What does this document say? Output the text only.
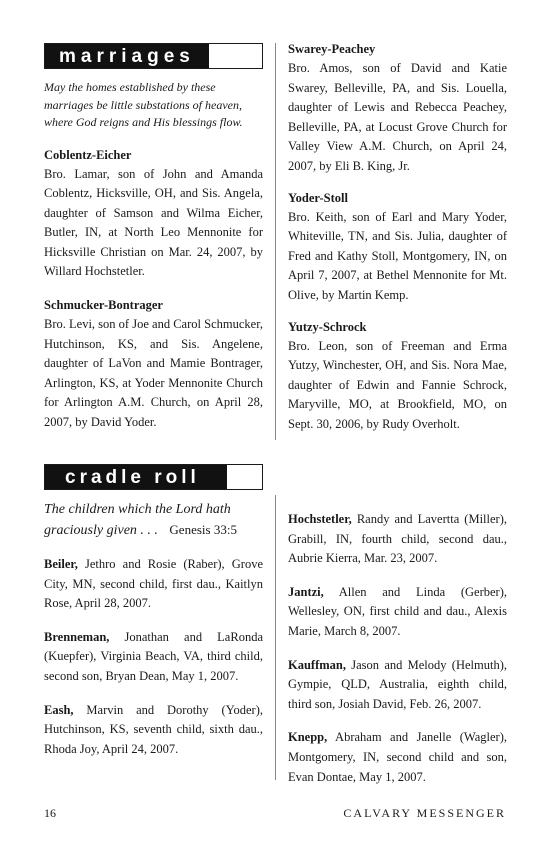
marriages
May the homes established by these marriages be little substations of heaven, where God reigns and His blessings flow.

Coblentz-Eicher

Bro. Lamar, son of John and Amanda Coblentz, Hicksville, OH, and Sis. Angela, daughter of Samson and Wilma Eicher, Butler, IN, at North Leo Mennonite for Hicksville Christian on Mar. 24, 2007, by Willard Hochstetler.

Schmucker-Bontrager

Bro. Levi, son of Joe and Carol Schmucker, Hutchinson, KS, and Sis. Angelene, daughter of LaVon and Mamie Bontrager, Arlington, KS, at Yoder Mennonite Church for Arlington A.M. Church, on April 28, 2007, by David Yoder.

Swarey-Peachey

Bro. Amos, son of David and Katie Swarey, Belleville, PA, and Sis. Louella, daughter of Lewis and Rebecca Peachey, Belleville, PA, at Locust Grove Church for Valley View A.M. Church, on April 24, 2007, by Eli B. King, Jr.

Yoder-Stoll

Bro. Keith, son of Earl and Mary Yoder, Whiteville, TN, and Sis. Julia, daughter of Fred and Kathy Stoll, Montgomery, IN, on April 7, 2007, at Bethel Mennonite for Mt. Olive, by Martin Kemp.

Yutzy-Schrock

Bro. Leon, son of Freeman and Erma Yutzy, Winchester, OH, and Sis. Nora Mae, daughter of Edwin and Fannie Schrock, Maryville, MO, at Brookfield, MO, on Sept. 30, 2006, by Rudy Overholt.

cradle roll
The children which the Lord hath graciously given . . . Genesis 33:5

Beiler, Jethro and Rosie (Raber), Grove City, MN, second child, first dau., Kaitlyn Rose, April 28, 2007.

Brenneman, Jonathan and LaRonda (Kuepfer), Virginia Beach, VA, third child, second son, Bryan Dean, May 1, 2007.

Eash, Marvin and Dorothy (Yoder), Hutchinson, KS, seventh child, sixth dau., Rhoda Joy, April 24, 2007.

Hochstetler, Randy and Lavertta (Miller), Grabill, IN, fourth child, second dau., Aubrie Kierra, Mar. 23, 2007.

Jantzi, Allen and Linda (Gerber), Wellesley, ON, first child and dau., Alexis Marie, March 8, 2007.

Kauffman, Jason and Melody (Helmuth), Gympie, QLD, Australia, eighth child, third son, Josiah David, Feb. 26, 2007.

Knepp, Abraham and Janelle (Wagler), Montgomery, IN, second child and son, Evan Dontae, May 1, 2007.

16	CALVARY MESSENGER
